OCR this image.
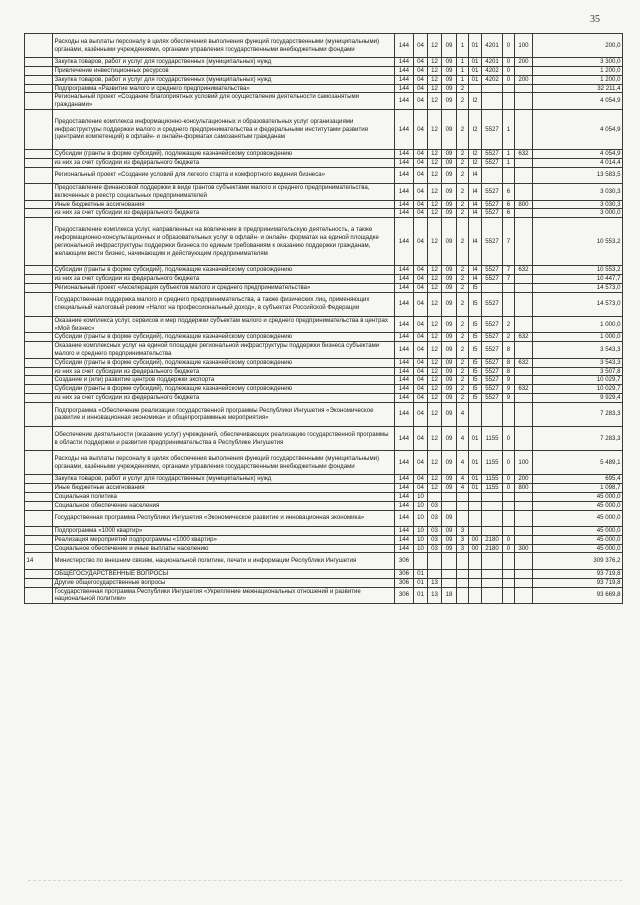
35
	Расходы на выплаты персоналу в целях обеспечения выполнения функций государственными (муниципальными) органами, казёнными учреждениями, органами управления государственными внебюджетными фондами	144	04	12	09	1	01	4201	0	100	200,0
	Закупка товаров, работ и услуг для государственных (муниципальных) нужд	144	04	12	09	1	01	4201	0	200	3 300,0
	Привлечение инвестиционных ресурсов	144	04	12	09	1	01	4202	0		1 200,0
	Закупка товаров, работ и услуг для государственных (муниципальных) нужд	144	04	12	09	1	01	4202	0	200	1 200,0
	Подпрограмма «Развитие малого и среднего предпринимательства»	144	04	12	09	2					32 211,4
	Региональный проект «Создание благоприятных условий для осуществления деятельности самозанятыми гражданами»	144	04	12	09	2	I2				4 054,9
	Предоставление комплекса информационно-консультационных и образовательных услуг организациями инфраструктуры поддержки малого и среднего предпринимательства и федеральными институтами развития (центрами компетенций) в офлайн- и онлайн-форматах самозанятым гражданам	144	04	12	09	2	I2	5527	1		4 054,9
	Субсидии (гранты в форме субсидий), подлежащие казначейскому сопровождению	144	04	12	09	2	I2	5527	1	632	4 054,9
	из них за счет субсидии из федерального бюджета	144	04	12	09	2	I2	5527	1		4 014,4
	Региональный проект «Создание условий для легкого старта и комфортного ведения бизнеса»	144	04	12	09	2	I4				13 583,5
	Предоставление финансовой поддержки в виде грантов субъектами малого и среднего предпринимательства, включенных в реестр социальных предпринимателей	144	04	12	09	2	I4	5527	6		3 030,3
	Иные бюджетные ассигнования	144	04	12	09	2	I4	5527	6	800	3 030,3
	из них за счет субсидии из федерального бюджета	144	04	12	09	2	I4	5527	6		3 000,0
	Предоставление комплекса услуг, направленных на вовлечение в предпринимательскую деятельность, а также информационно-консультационных и образовательных услуг в офлайн- и онлайн- форматах на единой площадке региональной инфраструктуры поддержки бизнеса по единым требованиям к оказанию поддержки гражданам, желающим вести бизнес, начинающим и действующим предпринимателям	144	04	12	09	2	I4	5527	7		10 553,2
	Субсидии (гранты в форме субсидий), подлежащие казначейскому сопровождению	144	04	12	09	2	I4	5527	7	632	10 553,2
	из них за счет субсидии из федерального бюджета	144	04	12	09	2	I4	5527	7		10 447,7
	Региональный проект «Акселерация субъектов малого и среднего предпринимательства»	144	04	12	09	2	I5				14 573,0
	Государственная поддержка малого и среднего предпринимательства, а также физических лиц, применяющих специальный налоговый режим «Налог на профессиональный доход», в субъектах Российской Федерации	144	04	12	09	2	I5	5527			14 573,0
	Оказание комплекса услуг, сервисов и мер поддержки субъектам малого и среднего предпринимательства в центрах «Мой бизнес»	144	04	12	09	2	I5	5527	2		1 000,0
	Субсидии (гранты в форме субсидий), подлежащие казначейскому сопровождению	144	04	12	09	2	I5	5527	2	632	1 000,0
	Оказание комплексных услуг на единой площадке региональной инфраструктуры поддержки бизнеса субъектами малого и среднего предпринимательства	144	04	12	09	2	I5	5527	8		3 543,3
	Субсидии (гранты в форме субсидий), подлежащие казначейскому сопровождению	144	04	12	09	2	I5	5527	8	632	3 543,3
	из них за счет субсидии из федерального бюджета	144	04	12	09	2	I5	5527	8		3 507,8
	Создание и (или) развитие центров поддержки экспорта	144	04	12	09	2	I5	5527	9		10 029,7
	Субсидии (гранты в форме субсидий), подлежащие казначейскому сопровождению	144	04	12	09	2	I5	5527	9	632	10 029,7
	из них за счет субсидии из федерального бюджета	144	04	12	09	2	I5	5527	9		9 929,4
	Подпрограмма «Обеспечение реализации государственной программы Республики Ингушетия «Экономическое развитие и инновационная экономика» и общепрограммные мероприятия»	144	04	12	09	4					7 283,3
	Обеспечение деятельности (оказание услуг) учреждений, обеспечивающих реализацию государственной программы в области поддержки и развития предпринимательства в Республике Ингушетия	144	04	12	09	4	01	1155	0		7 283,3
	Расходы на выплаты персоналу в целях обеспечения выполнения функций государственными (муниципальными) органами, казёнными учреждениями, органами управления государственными внебюджетными фондами	144	04	12	09	4	01	1155	0	100	5 489,1
	Закупка товаров, работ и услуг для государственных (муниципальных) нужд	144	04	12	09	4	01	1155	0	200	695,4
	Иные бюджетные ассигнования	144	04	12	09	4	01	1155	0	800	1 098,7
	Социальная политика	144	10								45 000,0
	Социальное обеспечение населения	144	10	03							45 000,0
	Государственная программа Республики Ингушетия «Экономическое развитие и инновационная экономика»	144	10	03	09						45 000,0
	Подпрограмма «1000 квартир»	144	10	03	09	3					45 000,0
	Реализация мероприятий подпрограммы «1000 квартир»	144	10	03	09	3	00	2180	0		45 000,0
	Социальное обеспечение и иные выплаты населению	144	10	03	09	3	00	2180	0	300	45 000,0
14	Министерство по внешним связям, национальной политике, печати и информации Республики Ингушетия	306									309 376,2
	ОБЩЕГОСУДАРСТВЕННЫЕ ВОПРОСЫ	306	01								93 719,8
	Другие общегосударственные вопросы	306	01	13							93 719,8
	Государственная программа Республики Ингушетия «Укрепление межнациональных отношений и развитие национальной политики»	306	01	13	18						93 669,8
